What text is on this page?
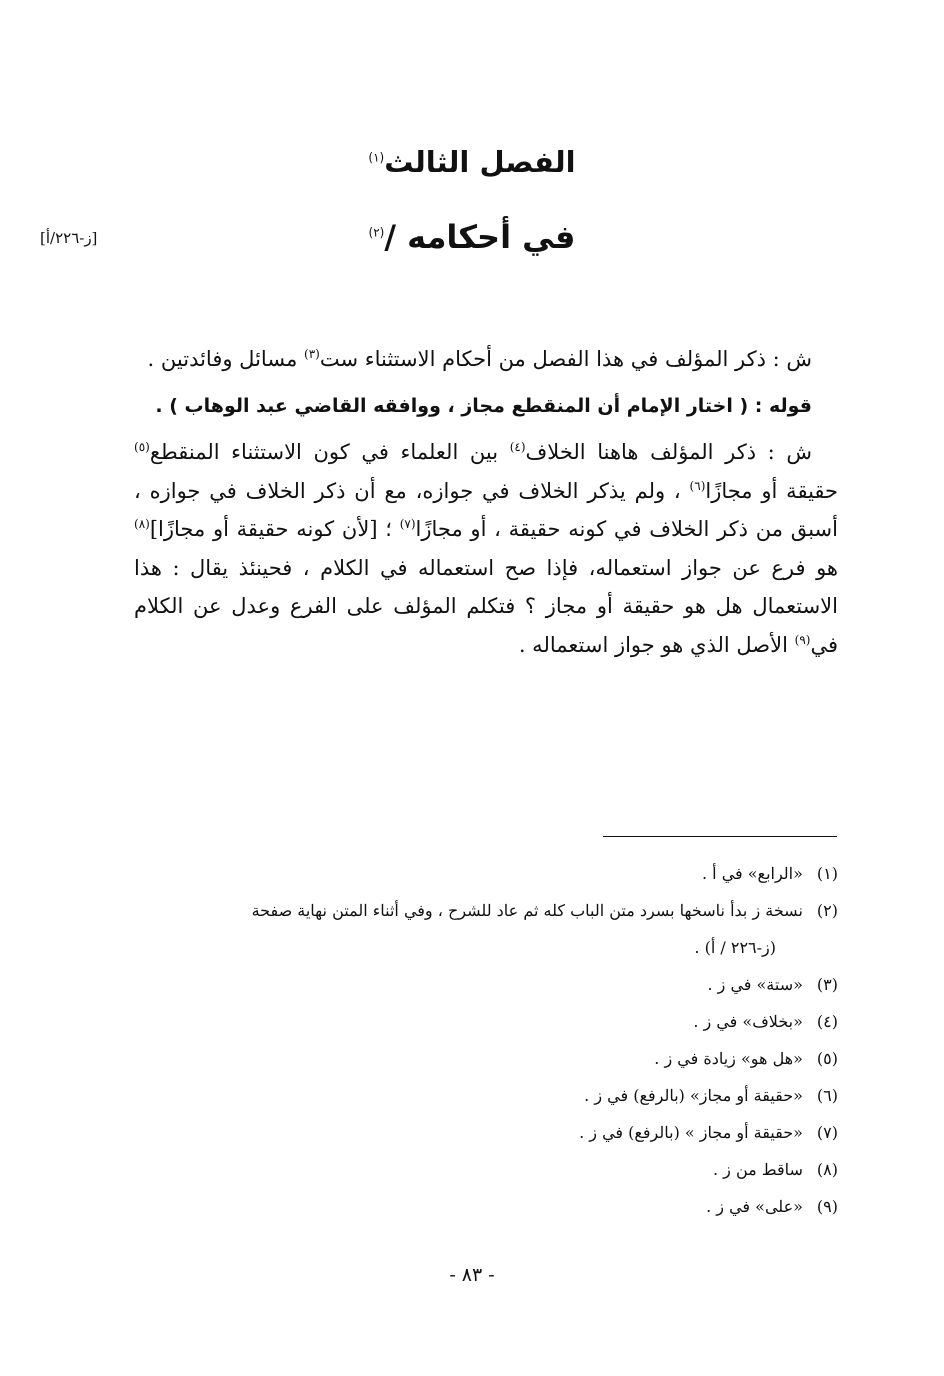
الفصل الثالث$^{(١)}$
في أحكامه /$^{(٢)}$
[ز-٢٢٦/أ]

ش : ذكر المؤلف في هذا الفصل من أحكام الاستثناء ست$^{(٣)}$ مسائل وفائدتين .

قوله : ( اختار الإمام أن المنقطع مجاز ، ووافقه القاضي عبد الوهاب ) .

ش : ذكر المؤلف هاهنا الخلاف$^{(٤)}$ بين العلماء في كون الاستثناء المنقطع$^{(٥)}$ حقيقة أو مجازًا$^{(٦)}$ ، ولم يذكر الخلاف في جوازه، مع أن ذكر الخلاف في جوازه ، أسبق من ذكر الخلاف في كونه حقيقة ، أو مجازًا$^{(٧)}$ ؛ [لأن كونه حقيقة أو مجازًا]$^{(٨)}$ هو فرع عن جواز استعماله، فإذا صح استعماله في الكلام ، فحينئذ يقال : هذا الاستعمال هل هو حقيقة أو مجاز ؟ فتكلم المؤلف على الفرع وعدل عن الكلام في$^{(٩)}$ الأصل الذي هو جواز استعماله .

(١) «الرابع» في أ .
(٢) نسخة ز بدأ ناسخها بسرد متن الباب كله ثم عاد للشرح ، وفي أثناء المتن نهاية صفحة
(ز-٢٢٦ / أ) .
(٣) «ستة» في ز .
(٤) «بخلاف» في ز .
(٥) «هل هو» زيادة في ز .
(٦) «حقيقة أو مجاز» (بالرفع) في ز .
(٧) «حقيقة أو مجاز » (بالرفع) في ز .
(٨) ساقط من ز .
(٩) «على» في ز .
- ٨٣ -
